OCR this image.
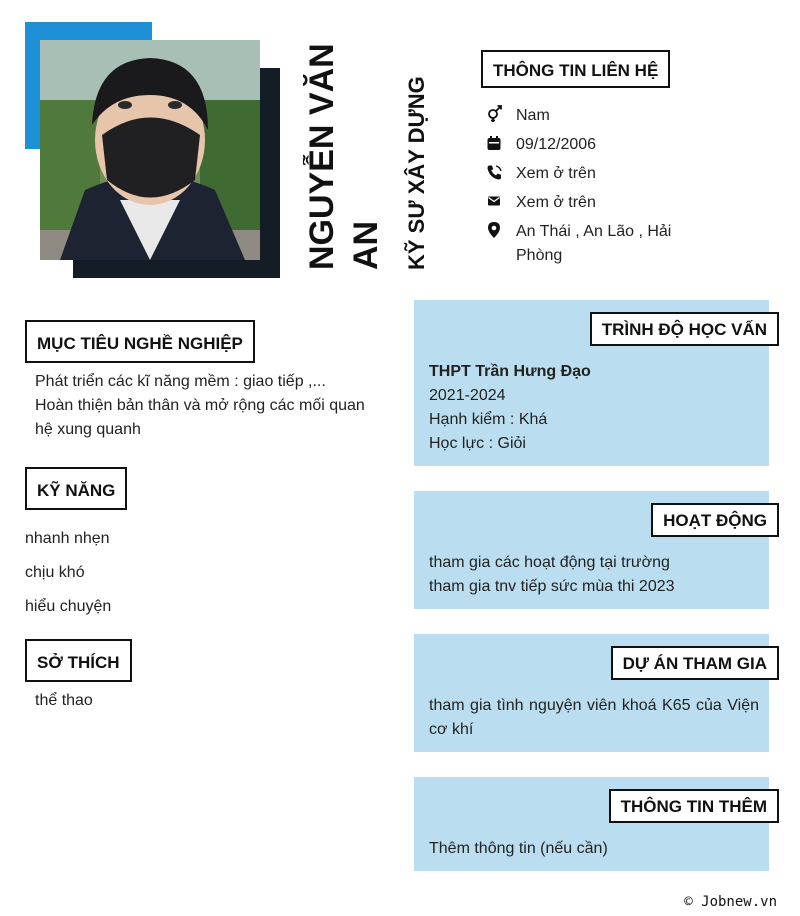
NGUYỄN VĂN AN KỸ SƯ XÂY DỰNG
THÔNG TIN LIÊN HỆ
Nam
09/12/2006
Xem ở trên
Xem ở trên
An Thái , An Lão , Hải Phòng
MỤC TIÊU NGHỀ NGHIỆP
Phát triển các kĩ năng mềm : giao tiếp ,...
Hoàn thiện bản thân và mở rộng các mối quan hệ xung quanh
KỸ NĂNG
nhanh nhẹn
chịu khó
hiểu chuyện
SỞ THÍCH
thể thao
TRÌNH ĐỘ HỌC VẤN
THPT Trần Hưng Đạo
2021-2024
Hạnh kiểm : Khá
Học lực : Giỏi
HOẠT ĐỘNG
tham gia các hoạt động tại trường
tham gia tnv tiếp sức mùa thi 2023
DỰ ÁN THAM GIA
tham gia tình nguyện viên khoá K65 của Viện cơ khí
THÔNG TIN THÊM
Thêm thông tin (nếu cần)
© Jobnew.vn
